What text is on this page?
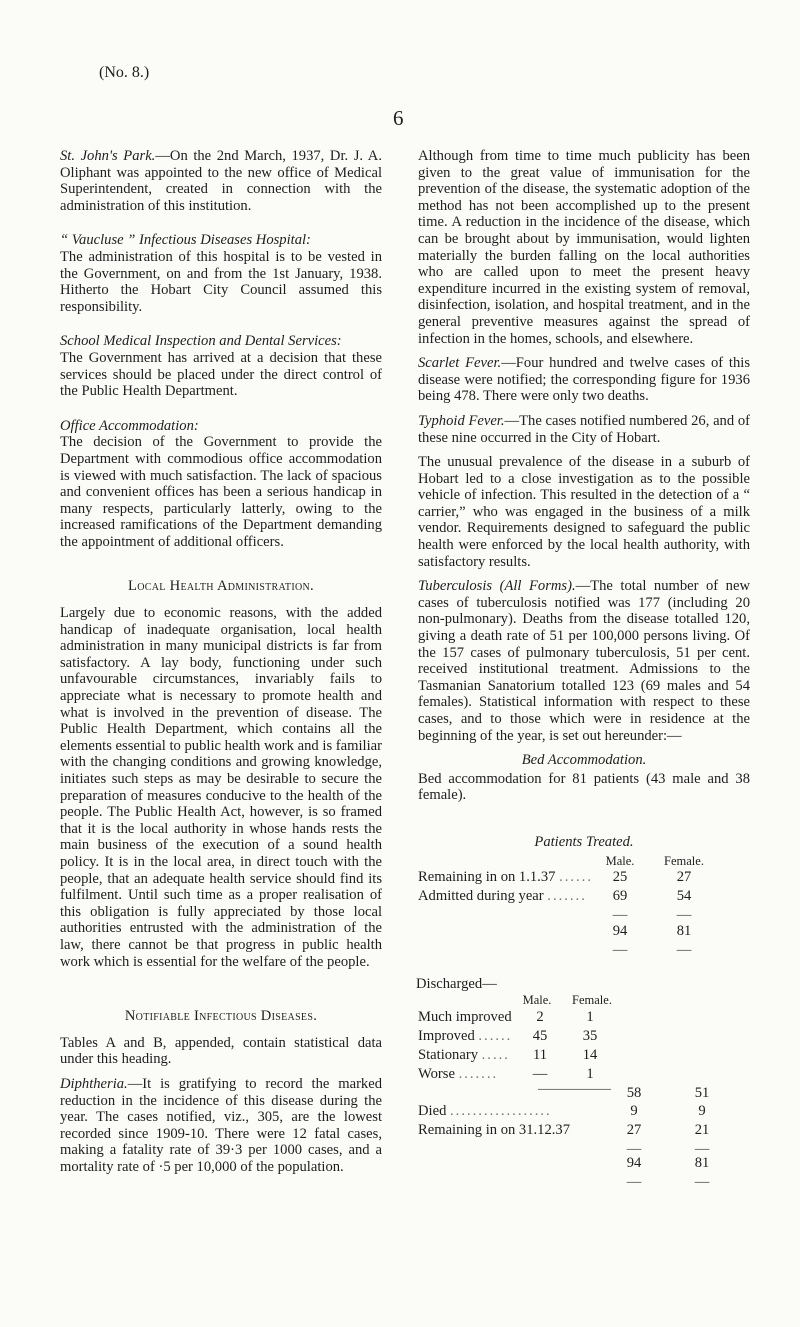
(No. 8.)
6

St. John's Park.—On the 2nd March, 1937, Dr. J. A. Oliphant was appointed to the new office of Medical Superintendent, created in connection with the administration of this institution.

“ Vaucluse ” Infectious Diseases Hospital:

The administration of this hospital is to be vested in the Government, on and from the 1st January, 1938. Hitherto the Hobart City Council assumed this responsibility.

School Medical Inspection and Dental Services:

The Government has arrived at a decision that these services should be placed under the direct control of the Public Health Department.

Office Accommodation:

The decision of the Government to provide the Department with commodious office accommodation is viewed with much satisfaction. The lack of spacious and convenient offices has been a serious handicap in many respects, particularly latterly, owing to the increased ramifications of the Department demanding the appointment of additional officers.

Local Health Administration.

Largely due to economic reasons, with the added handicap of inadequate organisation, local health administration in many municipal districts is far from satisfactory. A lay body, functioning under such unfavourable circumstances, invariably fails to appreciate what is necessary to promote health and what is involved in the prevention of disease. The Public Health Department, which contains all the elements essential to public health work and is familiar with the changing conditions and growing knowledge, initiates such steps as may be desirable to secure the preparation of measures conducive to the health of the people. The Public Health Act, however, is so framed that it is the local authority in whose hands rests the main business of the execution of a sound health policy. It is in the local area, in direct touch with the people, that an adequate health service should find its fulfilment. Until such time as a proper realisation of this obligation is fully appreciated by those local authorities entrusted with the administration of the law, there cannot be that progress in public health work which is essential for the welfare of the people.

Notifiable Infectious Diseases.

Tables A and B, appended, contain statistical data under this heading.

Diphtheria.—It is gratifying to record the marked reduction in the incidence of this disease during the year. The cases notified, viz., 305, are the lowest recorded since 1909-10. There were 12 fatal cases, making a fatality rate of 39·3 per 1000 cases, and a mortality rate of ·5 per 10,000 of the population.

Although from time to time much publicity has been given to the great value of immunisation for the prevention of the disease, the systematic adoption of the method has not been accomplished up to the present time. A reduction in the incidence of the disease, which can be brought about by immunisation, would lighten materially the burden falling on the local authorities who are called upon to meet the present heavy expenditure incurred in the existing system of removal, disinfection, isolation, and hospital treatment, and in the general preventive measures against the spread of infection in the homes, schools, and elsewhere.

Scarlet Fever.—Four hundred and twelve cases of this disease were notified; the corresponding figure for 1936 being 478. There were only two deaths.

Typhoid Fever.—The cases notified numbered 26, and of these nine occurred in the City of Hobart.

The unusual prevalence of the disease in a suburb of Hobart led to a close investigation as to the possible vehicle of infection. This resulted in the detection of a “ carrier,” who was engaged in the business of a milk vendor. Requirements designed to safeguard the public health were enforced by the local health authority, with satisfactory results.

Tuberculosis (All Forms).—The total number of new cases of tuberculosis notified was 177 (including 20 non-pulmonary). Deaths from the disease totalled 120, giving a death rate of 51 per 100,000 persons living. Of the 157 cases of pulmonary tuberculosis, 51 per cent. received institutional treatment. Admissions to the Tasmanian Sanatorium totalled 123 (69 males and 54 females). Statistical information with respect to these cases, and to those which were in residence at the beginning of the year, is set out hereunder:—

Bed Accommodation.

Bed accommodation for 81 patients (43 male and 38 female).

Patients Treated.

Male.	Female.
Remaining in on 1.1.37 ......	25	27
Admitted during year .......	69	54
—	—
94	81
—	—

Discharged—

Male.	Female.
Much improved	2	1
Improved ......	45	35
Stationary .....	11	14
Worse .......	—	1
—————	58	51
Died ..................	9	9
Remaining in on 31.12.37	27	21
—	—
94	81
—	—
